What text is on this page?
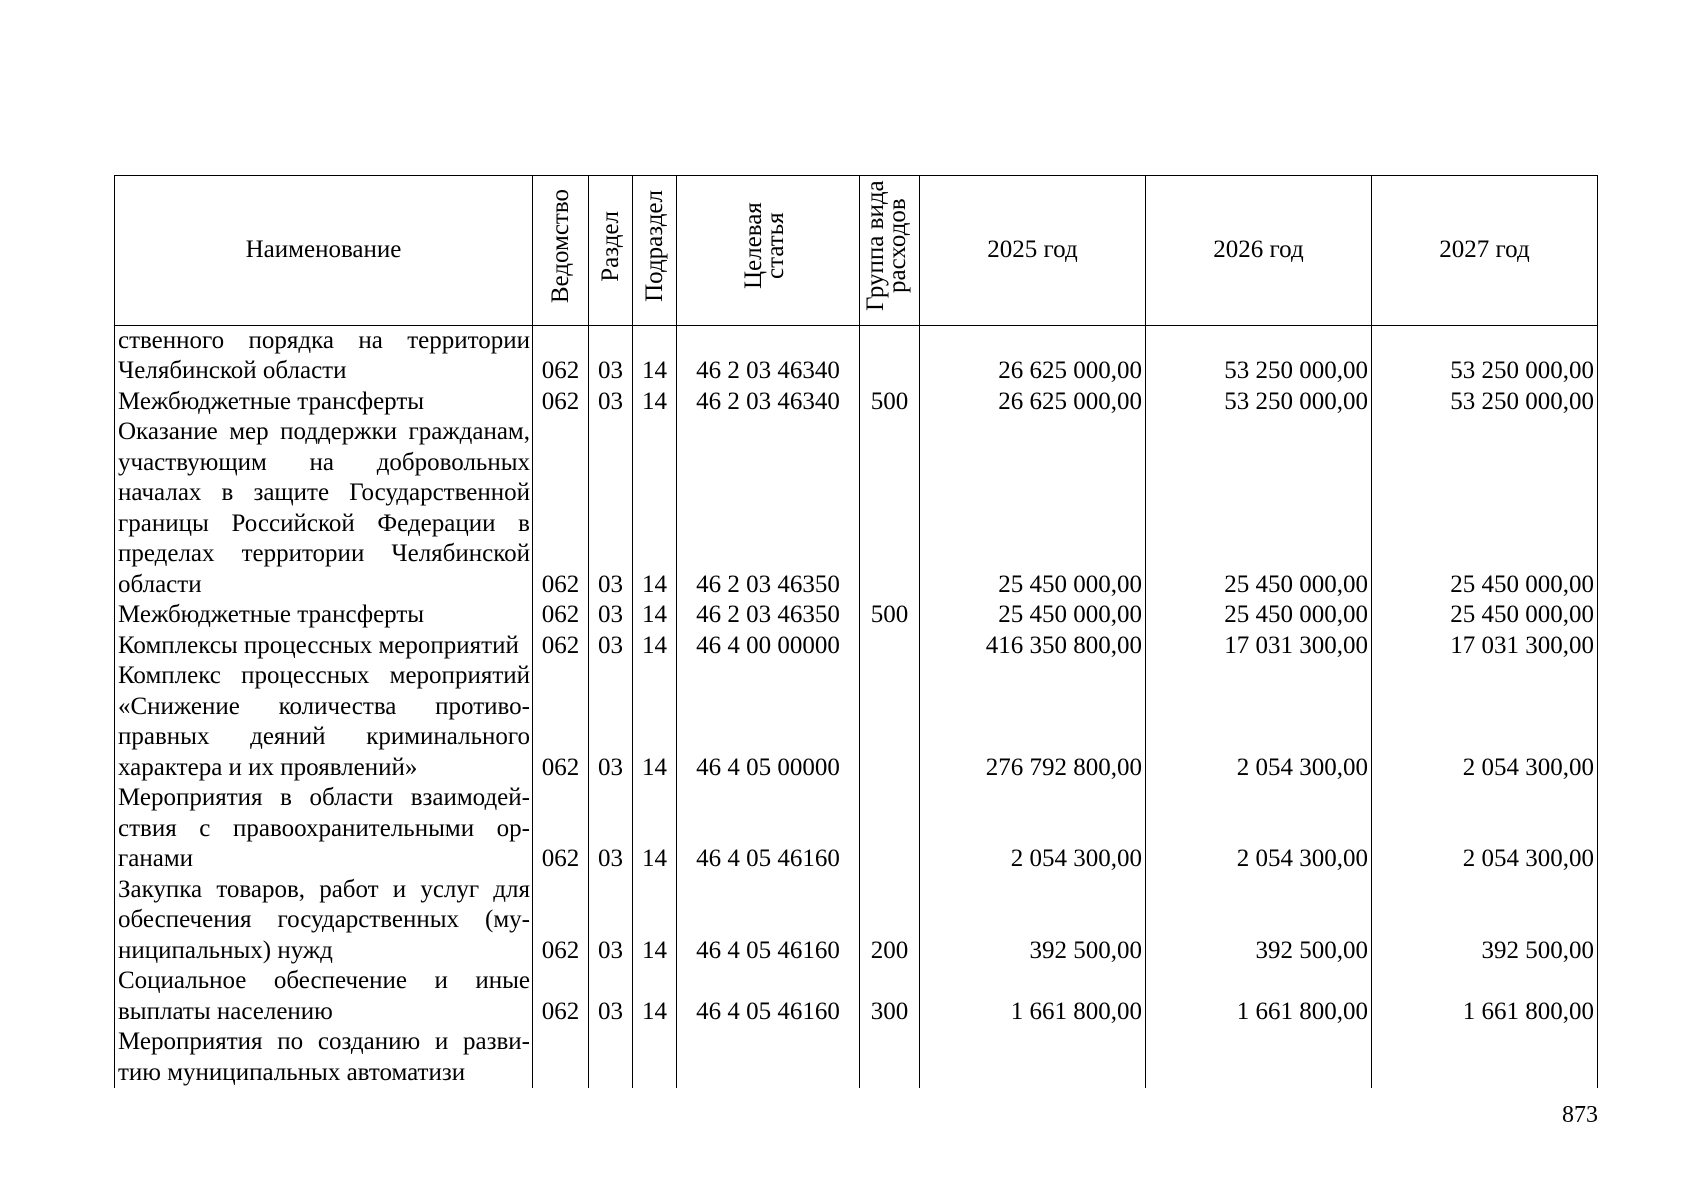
Наименование	Ведомство	Раздел	Подраздел	Целевая статья	Группа вида расходов	2025 год	2026 год	2027 год
ственного порядка на территории Челябинской области	062	03	14	46 2 03 46340		26 625 000,00	53 250 000,00	53 250 000,00
Межбюджетные трансферты	062	03	14	46 2 03 46340	500	26 625 000,00	53 250 000,00	53 250 000,00
Оказание мер поддержки граждaнам, участвующим на добровольных началах в защите Государственной границы Российской Федерации в пределах территории Челябинской области	062	03	14	46 2 03 46350		25 450 000,00	25 450 000,00	25 450 000,00
Межбюджетные трансферты	062	03	14	46 2 03 46350	500	25 450 000,00	25 450 000,00	25 450 000,00
Комплексы процессных мероприятий	062	03	14	46 4 00 00000		416 350 800,00	17 031 300,00	17 031 300,00
Комплекс процессных мероприятий «Снижение количества противоправных деяний криминального характера и их проявлений»	062	03	14	46 4 05 00000		276 792 800,00	2 054 300,00	2 054 300,00
Мероприятия в области взаимодействия с правоохранительными органами	062	03	14	46 4 05 46160		2 054 300,00	2 054 300,00	2 054 300,00
Закупка товаров, работ и услуг для обеспечения государственных (муниципальных) нужд	062	03	14	46 4 05 46160	200	392 500,00	392 500,00	392 500,00
Социальное обеспечение и иные выплаты населению	062	03	14	46 4 05 46160	300	1 661 800,00	1 661 800,00	1 661 800,00
Мероприятия по созданию и развитию муниципальных автоматизи								
873
